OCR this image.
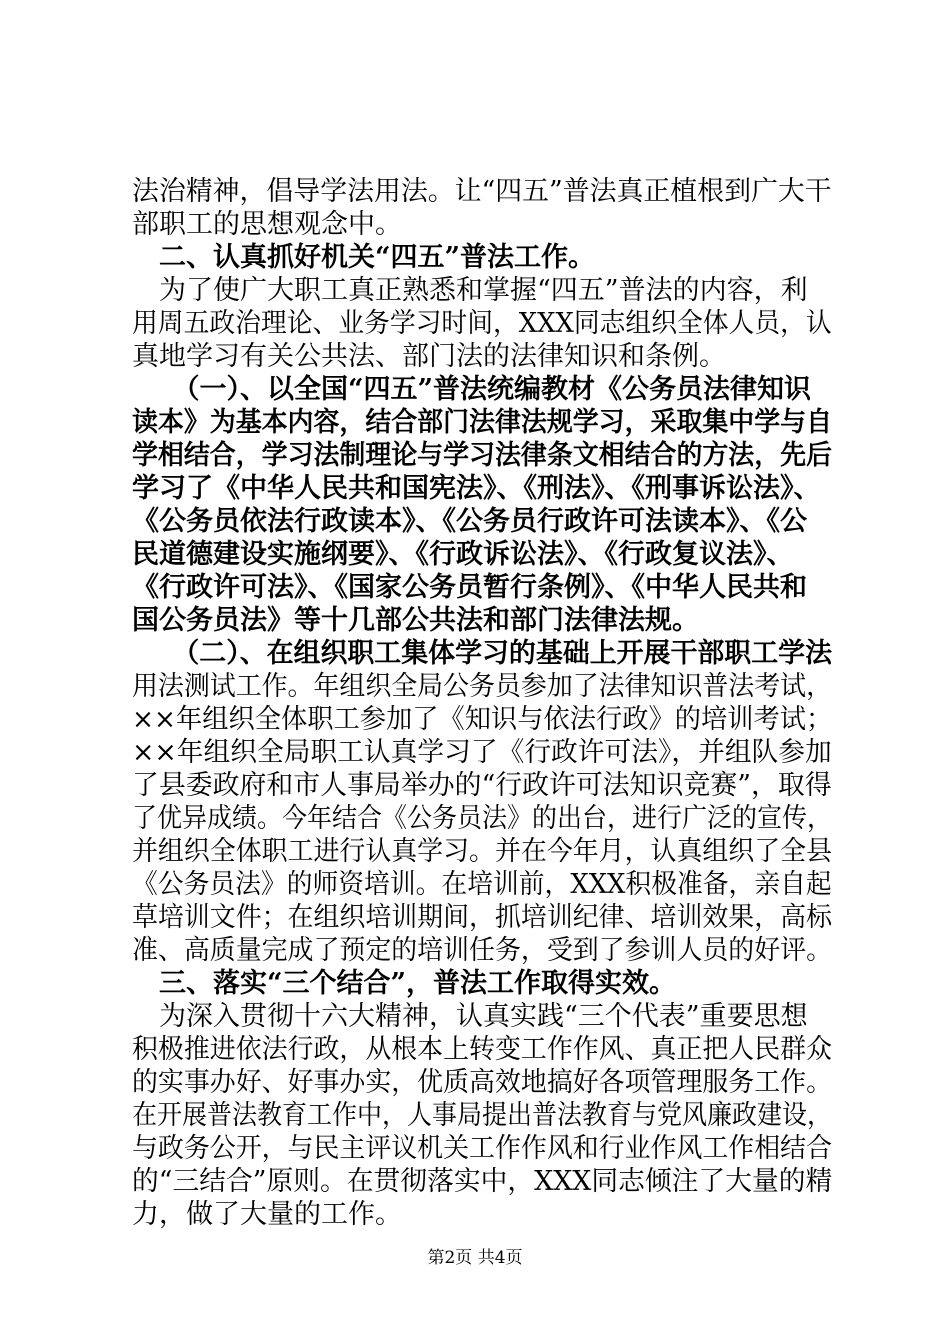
法治精神，倡导学法用法。让“四五”普法真正植根到广大干
部职工的思想观念中。
　二、认真抓好机关“四五”普法工作。
　为了使广大职工真正熟悉和掌握“四五”普法的内容，利
用周五政治理论、业务学习时间，XXX同志组织全体人员，认
真地学习有关公共法、部门法的法律知识和条例。
　　（一）、以全国“四五”普法统编教材《公务员法律知识
读本》为基本内容，结合部门法律法规学习，采取集中学与自
学相结合，学习法制理论与学习法律条文相结合的方法，先后
学习了《中华人民共和国宪法》、《刑法》、《刑事诉讼法》、
《公务员依法行政读本》、《公务员行政许可法读本》、《公
民道德建设实施纲要》、《行政诉讼法》、《行政复议法》、
《行政许可法》、《国家公务员暂行条例》、《中华人民共和
国公务员法》等十几部公共法和部门法律法规。
　　（二）、在组织职工集体学习的基础上开展干部职工学法
用法测试工作。年组织全局公务员参加了法律知识普法考试，
××年组织全体职工参加了《知识与依法行政》的培训考试；
××年组织全局职工认真学习了《行政许可法》，并组队参加
了县委政府和市人事局举办的“行政许可法知识竞赛”，取得
了优异成绩。今年结合《公务员法》的出台，进行广泛的宣传，
并组织全体职工进行认真学习。并在今年月，认真组织了全县
《公务员法》的师资培训。在培训前，XXX积极准备，亲自起
草培训文件；在组织培训期间，抓培训纪律、培训效果，高标
准、高质量完成了预定的培训任务，受到了参训人员的好评。
　三、落实“三个结合”，普法工作取得实效。
　为深入贯彻十六大精神，认真实践“三个代表”重要思想
积极推进依法行政，从根本上转变工作作风、真正把人民群众
的实事办好、好事办实，优质高效地搞好各项管理服务工作。
在开展普法教育工作中，人事局提出普法教育与党风廉政建设，
与政务公开，与民主评议机关工作作风和行业作风工作相结合
的“三结合”原则。在贯彻落实中，XXX同志倾注了大量的精
力，做了大量的工作。
第2页 共4页
